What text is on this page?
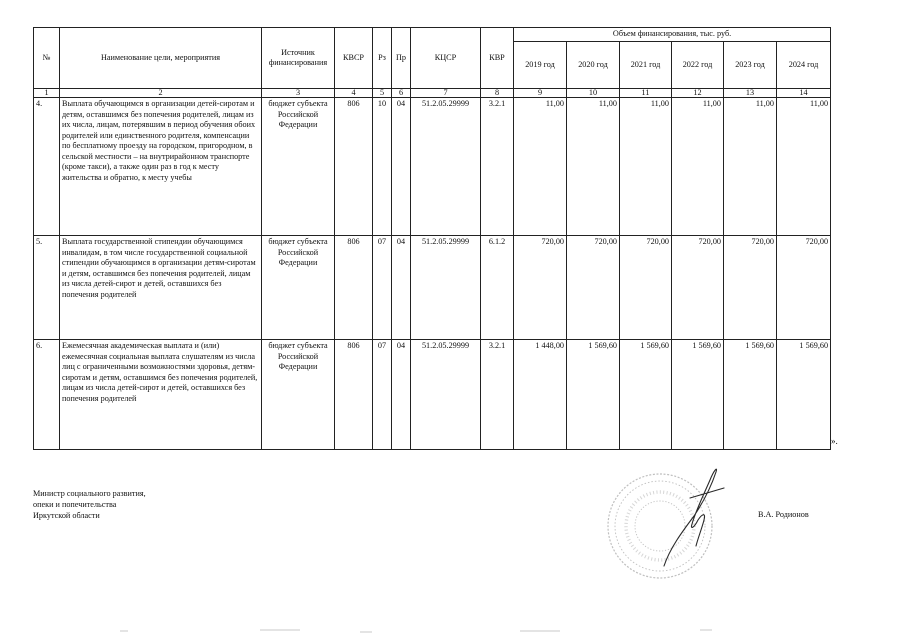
№	Наименование цели, мероприятия	Источник финансирования	КВСР	Рз	Пр	КЦСР	КВР	Объем финансирования, тыс. руб.					
								2019 год	2020 год	2021 год	2022 год	2023 год	2024 год
1	2	3	4	5	6	7	8	9	10	11	12	13	14
4.	Выплата обучающимся в организации детей-сиротам и детям, оставшимся без попечения родителей, лицам из их числа, лицам, потерявшим в период обучения обоих родителей или единственного родителя, компенсации по бесплатному проезду на городском, пригородном, в сельской местности – на внутрирайонном транспорте (кроме такси), а также один раз в год к месту жительства и обратно, к месту учебы	бюджет субъекта Российской Федерации	806	10	04	51.2.05.29999	3.2.1	11,00	11,00	11,00	11,00	11,00	11,00
5.	Выплата государственной стипендии обучающимся инвалидам, в том числе государственной социальной стипендии обучающимся в организации детям-сиротам и детям, оставшимся без попечения родителей, лицам из числа детей-сирот и детей, оставшихся без попечения родителей	бюджет субъекта Российской Федерации	806	07	04	51.2.05.29999	6.1.2	720,00	720,00	720,00	720,00	720,00	720,00
6.	Ежемесячная академическая выплата и (или) ежемесячная социальная выплата слушателям из числа лиц с ограниченными возможностями здоровья, детям-сиротам и детям, оставшимся без попечения родителей, лицам из числа детей-сирот и детей, оставшихся без попечения родителей	бюджет субъекта Российской Федерации	806	07	04	51.2.05.29999	3.2.1	1 448,00	1 569,60	1 569,60	1 569,60	1 569,60	1 569,60
».
Министр социального развития,
опеки и попечительства
Иркутской области	В.А. Родионов
